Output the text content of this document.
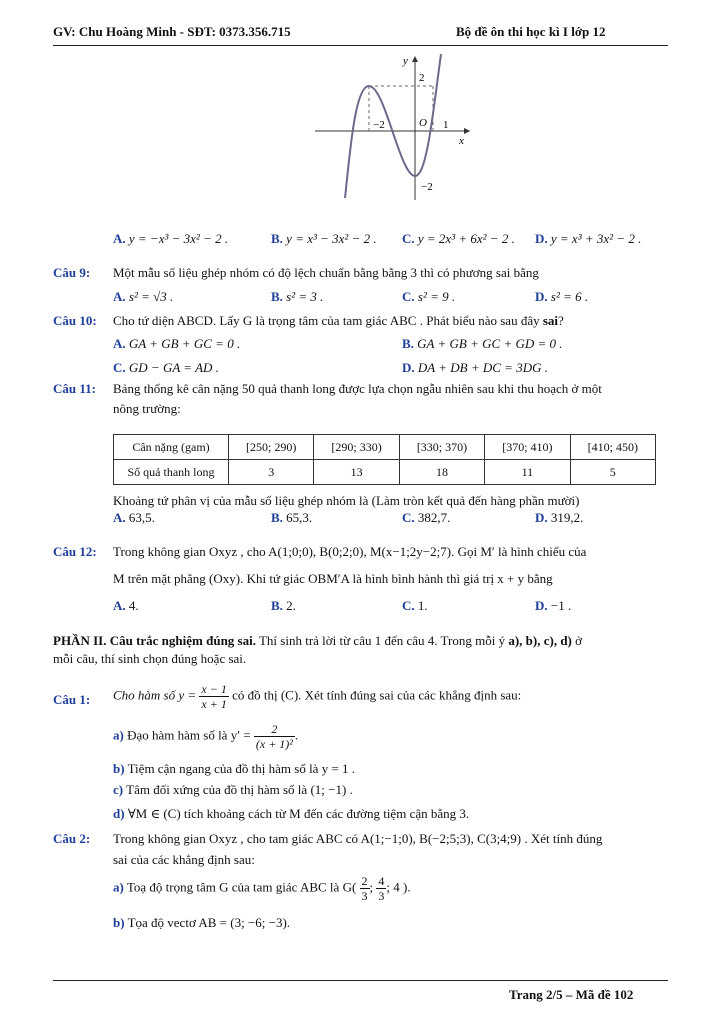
GV: Chu Hoàng Minh - SĐT: 0373.356.715	Bộ đề ôn thi học kì I lớp 12
y
x
O
2
−2	1
−2
A. y = −x³ − 3x² − 2 .	B. y = x³ − 3x² − 2 . C. y = 2x³ + 6x² − 2 . D. y = x³ + 3x² − 2 .
Câu 9: Một mẫu số liệu ghép nhóm có độ lệch chuẩn bằng bằng 3 thì có phương sai bằng
A. s² = √3 .	B. s² = 3 .	C. s² = 9 .	D. s² = 6 .
Câu 10: Cho tứ diện ABCD. Lấy G là trọng tâm của tam giác ABC . Phát biểu nào sau đây sai?
A. GA + GB + GC = 0 .	B. GA + GB + GC + GD = 0 .
C. GD − GA = AD .	D. DA + DB + DC = 3DG .
Câu 11: Bảng thống kê cân nặng 50 quả thanh long được lựa chọn ngẫu nhiên sau khi thu hoạch ở một
nông trường:
Cân nặng (gam)	[250; 290)	[290; 330)	[330; 370)	[370; 410)	[410; 450)
Số quả thanh long	3	13	18	11	5
Khoảng tứ phân vị của mẫu số liệu ghép nhóm là (Làm tròn kết quả đến hàng phần mười)
A. 63,5.	B. 65,3.	C. 382,7.	D. 319,2.
Câu 12: Trong không gian Oxyz , cho A(1;0;0), B(0;2;0), M(x−1;2y−2;7). Gọi M′ là hình chiếu của
M trên mặt phẳng (Oxy). Khi tứ giác OBM′A là hình bình hành thì giá trị x + y bằng
A. 4.	B. 2.	C. 1.	D. −1 .
PHẦN II. Câu trắc nghiệm đúng sai. Thí sinh trả lời từ câu 1 đến câu 4. Trong mỗi ý a), b), c), d) ở
mỗi câu, thí sinh chọn đúng hoặc sai.
Câu 1: Cho hàm số $y = \frac{x - 1}{x + 1}$ có đồ thị (C). Xét tính đúng sai của các khẳng định sau:
a) Đạo hàm hàm số là $y' = \frac{2}{\text{(x + 1)²}}$ .
b) Tiệm cận ngang của đồ thị hàm số là y = 1 .
c) Tâm đối xứng của đồ thị hàm số là (1; −1) .
d) ∀M ∈ (C) tích khoảng cách từ M đến các đường tiệm cận bằng 3.
Câu 2: Trong không gian Oxyz , cho tam giác ABC có A(1;−1;0), B(−2;5;3), C(3;4;9) . Xét tính đúng
sai của các khẳng định sau:
a) Toạ độ trọng tâm G của tam giác ABC là $G( \frac{2}{3}$ ; $\frac{4}{3}$ ; 4 ).
b) Tọa độ vectơ AB = (3; −6; −3).
Trang 2/5 – Mã đề 102
